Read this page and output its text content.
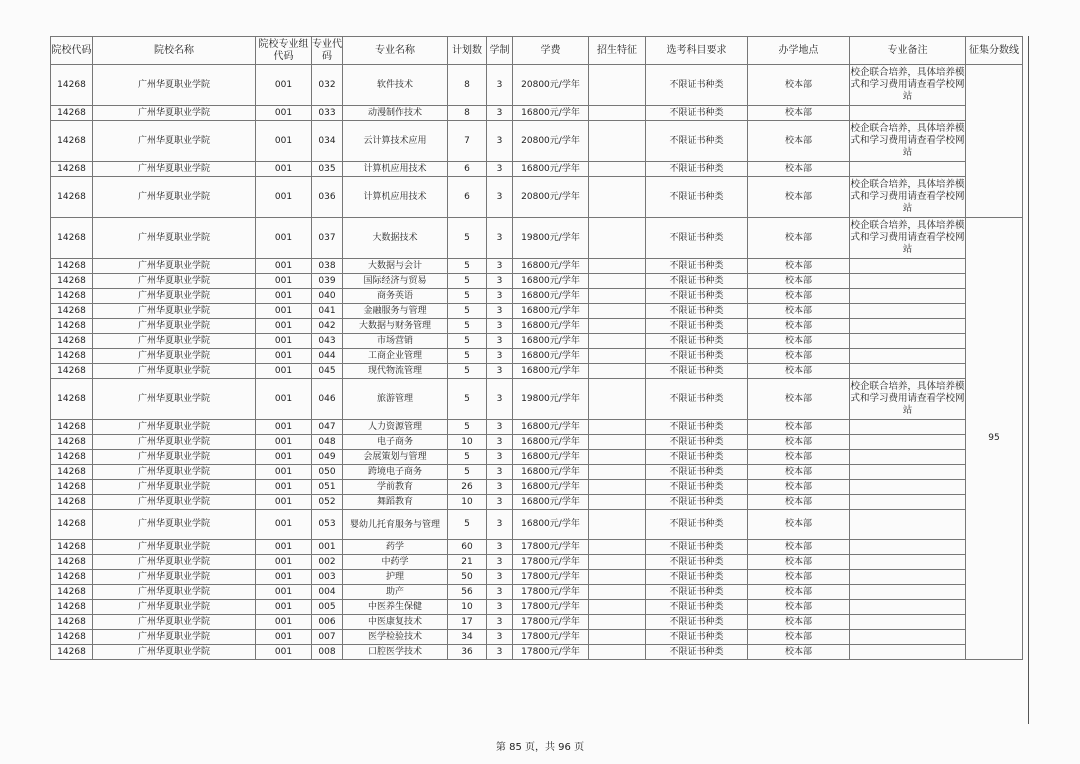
院校代码	院校名称	院校专业组代码	专业代码	专业名称	计划数	学制	学费	招生特征	选考科目要求	办学地点	专业备注	征集分数线
14268	广州华夏职业学院	001	032	软件技术	8	3	20800元/学年		不限证书种类	校本部	校企联合培养，具体培养模式和学习费用请查看学校网站	
14268	广州华夏职业学院	001	033	动漫制作技术	8	3	16800元/学年		不限证书种类	校本部		
14268	广州华夏职业学院	001	034	云计算技术应用	7	3	20800元/学年		不限证书种类	校本部	校企联合培养，具体培养模式和学习费用请查看学校网站	
14268	广州华夏职业学院	001	035	计算机应用技术	6	3	16800元/学年		不限证书种类	校本部		
14268	广州华夏职业学院	001	036	计算机应用技术	6	3	20800元/学年		不限证书种类	校本部	校企联合培养，具体培养模式和学习费用请查看学校网站	
14268	广州华夏职业学院	001	037	大数据技术	5	3	19800元/学年		不限证书种类	校本部	校企联合培养，具体培养模式和学习费用请查看学校网站	95
14268	广州华夏职业学院	001	038	大数据与会计	5	3	16800元/学年		不限证书种类	校本部		
14268	广州华夏职业学院	001	039	国际经济与贸易	5	3	16800元/学年		不限证书种类	校本部		
14268	广州华夏职业学院	001	040	商务英语	5	3	16800元/学年		不限证书种类	校本部		
14268	广州华夏职业学院	001	041	金融服务与管理	5	3	16800元/学年		不限证书种类	校本部		
14268	广州华夏职业学院	001	042	大数据与财务管理	5	3	16800元/学年		不限证书种类	校本部		
14268	广州华夏职业学院	001	043	市场营销	5	3	16800元/学年		不限证书种类	校本部		
14268	广州华夏职业学院	001	044	工商企业管理	5	3	16800元/学年		不限证书种类	校本部		
14268	广州华夏职业学院	001	045	现代物流管理	5	3	16800元/学年		不限证书种类	校本部		
14268	广州华夏职业学院	001	046	旅游管理	5	3	19800元/学年		不限证书种类	校本部	校企联合培养，具体培养模式和学习费用请查看学校网站	
14268	广州华夏职业学院	001	047	人力资源管理	5	3	16800元/学年		不限证书种类	校本部		
14268	广州华夏职业学院	001	048	电子商务	10	3	16800元/学年		不限证书种类	校本部		
14268	广州华夏职业学院	001	049	会展策划与管理	5	3	16800元/学年		不限证书种类	校本部		
14268	广州华夏职业学院	001	050	跨境电子商务	5	3	16800元/学年		不限证书种类	校本部		
14268	广州华夏职业学院	001	051	学前教育	26	3	16800元/学年		不限证书种类	校本部		
14268	广州华夏职业学院	001	052	舞蹈教育	10	3	16800元/学年		不限证书种类	校本部		
14268	广州华夏职业学院	001	053	婴幼儿托育服务与管理	5	3	16800元/学年		不限证书种类	校本部		
14268	广州华夏职业学院	001	001	药学	60	3	17800元/学年		不限证书种类	校本部		
14268	广州华夏职业学院	001	002	中药学	21	3	17800元/学年		不限证书种类	校本部		
14268	广州华夏职业学院	001	003	护理	50	3	17800元/学年		不限证书种类	校本部		
14268	广州华夏职业学院	001	004	助产	56	3	17800元/学年		不限证书种类	校本部		
14268	广州华夏职业学院	001	005	中医养生保健	10	3	17800元/学年		不限证书种类	校本部		
14268	广州华夏职业学院	001	006	中医康复技术	17	3	17800元/学年		不限证书种类	校本部		
14268	广州华夏职业学院	001	007	医学检验技术	34	3	17800元/学年		不限证书种类	校本部		
14268	广州华夏职业学院	001	008	口腔医学技术	36	3	17800元/学年		不限证书种类	校本部		
第 85 页，共 96 页
